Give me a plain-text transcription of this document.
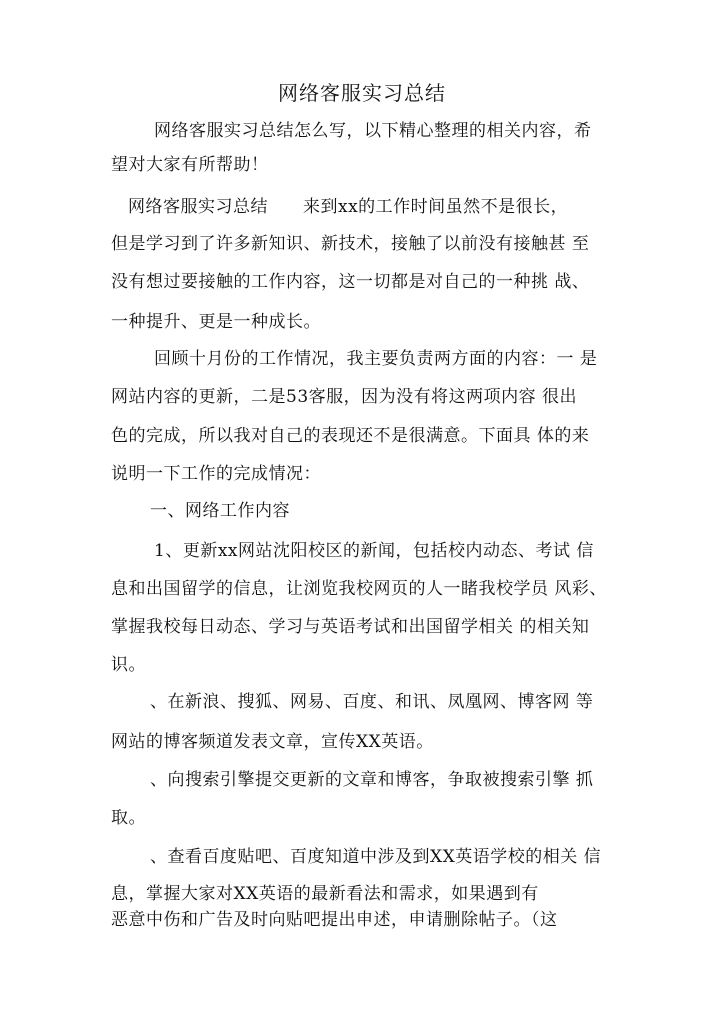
网络客服实习总结
网络客服实习总结怎么写，以下精心整理的相关内容，希
望对大家有所帮助！
网络客服实习总结　　来到xx的工作时间虽然不是很长，
但是学习到了许多新知识、新技术，接触了以前没有接触甚 至
没有想过要接触的工作内容，这一切都是对自己的一种挑 战、
一种提升、更是一种成长。
回顾十月份的工作情况，我主要负责两方面的内容：一 是
网站内容的更新，二是53客服，因为没有将这两项内容 很出
色的完成，所以我对自己的表现还不是很满意。下面具 体的来
说明一下工作的完成情况：
一、网络工作内容
1、更新xx网站沈阳校区的新闻，包括校内动态、考试 信
息和出国留学的信息，让浏览我校网页的人一睹我校学员 风彩、
掌握我校每日动态、学习与英语考试和出国留学相关 的相关知
识。
、在新浪、搜狐、网易、百度、和讯、凤凰网、博客网 等
网站的博客频道发表文章，宣传XX英语。
、向搜索引擎提交更新的文章和博客，争取被搜索引擎 抓
取。
、查看百度贴吧、百度知道中涉及到XX英语学校的相关 信
息，掌握大家对XX英语的最新看法和需求，如果遇到有
恶意中伤和广告及时向贴吧提出申述，申请删除帖子。（这
